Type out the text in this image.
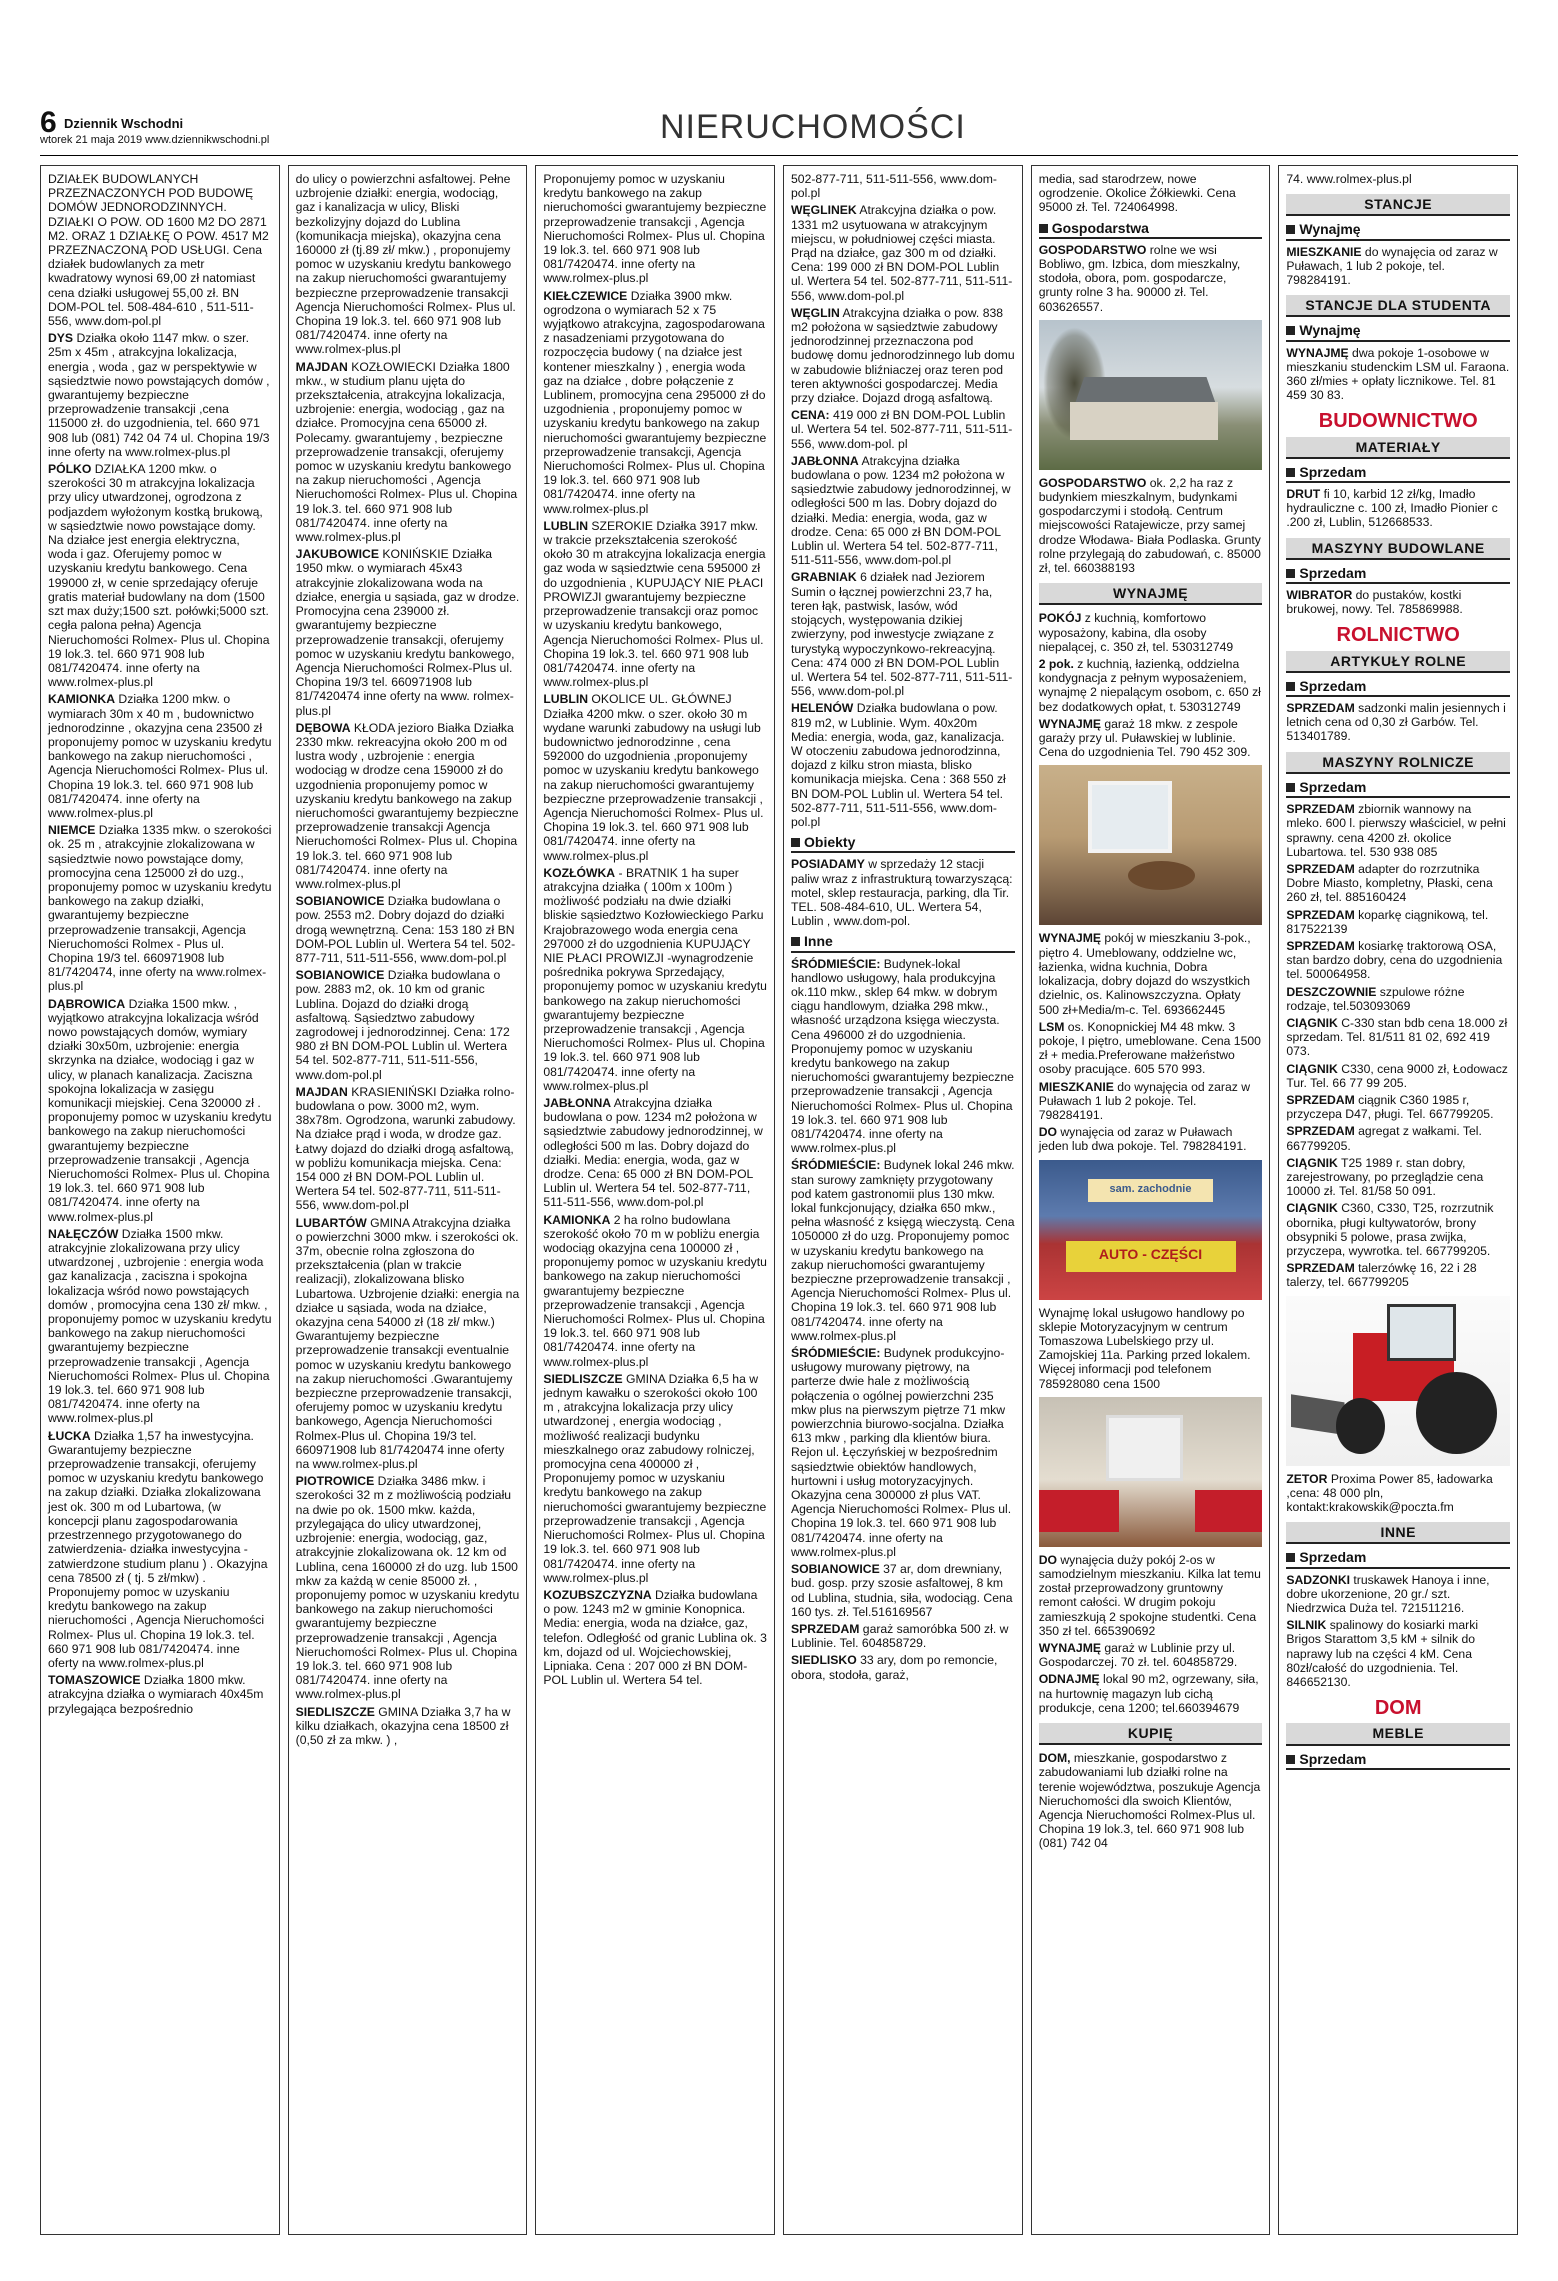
6 Dziennik Wschodni
wtorek 21 maja 2019 www.dziennikwschodni.pl	NIERUCHOMOŚCI

DZIAŁEK BUDOWLANYCH PRZEZNACZONYCH POD BUDOWĘ DOMÓW JEDNORODZINNYCH. DZIAŁKI O POW. OD 1600 M2 DO 2871 M2. ORAZ 1 DZIAŁKĘ O POW. 4517 M2 PRZEZNACZONĄ POD USŁUGI. Cena działek budowlanych za metr kwadratowy wynosi 69,00 zł natomiast cena działki usługowej 55,00 zł. BN DOM-POL tel. 508-484-610 , 511-511-556, www.dom-pol.pl

DYS Działka około 1147 mkw. o szer. 25m x 45m , atrakcyjna lokalizacja, energia , woda , gaz w perspektywie w sąsiedztwie nowo powstających domów , gwarantujemy bezpieczne przeprowadzenie transakcji ,cena 115000 zł. do uzgodnienia, tel. 660 971 908 lub (081) 742 04 74 ul. Chopina 19/3 inne oferty na www.rolmex-plus.pl

PÓLKO DZIAŁKA 1200 mkw. o szerokości 30 m atrakcyjna lokalizacja przy ulicy utwardzonej, ogrodzona z podjazdem wyłożonym kostką brukową, w sąsiedztwie nowo powstające domy. Na działce jest energia elektryczna, woda i gaz. Oferujemy pomoc w uzyskaniu kredytu bankowego. Cena 199000 zł, w cenie sprzedający oferuje gratis materiał budowlany na dom (1500 szt max duży;1500 szt. połówki;5000 szt. cegła palona pełna) Agencja Nieruchomości Rolmex- Plus ul. Chopina 19 lok.3. tel. 660 971 908 lub 081/7420474. inne oferty na www.rolmex-plus.pl

KAMIONKA Działka 1200 mkw. o wymiarach 30m x 40 m , budownictwo jednorodzinne , okazyjna cena 23500 zł proponujemy pomoc w uzyskaniu kredytu bankowego na zakup nieruchomości , Agencja Nieruchomości Rolmex- Plus ul. Chopina 19 lok.3. tel. 660 971 908 lub 081/7420474. inne oferty na www.rolmex-plus.pl

NIEMCE Działka 1335 mkw. o szerokości ok. 25 m , atrakcyjnie zlokalizowana w sąsiedztwie nowo powstające domy, promocyjna cena 125000 zł do uzg., proponujemy pomoc w uzyskaniu kredytu bankowego na zakup działki, gwarantujemy bezpieczne przeprowadzenie transakcji, Agencja Nieruchomości Rolmex - Plus ul. Chopina 19/3 tel. 660971908 lub 81/7420474, inne oferty na www.rolmex-plus.pl

DĄBROWICA Działka 1500 mkw. , wyjątkowo atrakcyjna lokalizacja wśród nowo powstających domów, wymiary działki 30x50m, uzbrojenie: energia skrzynka na działce, wodociąg i gaz w ulicy, w planach kanalizacja. Zaciszna spokojna lokalizacja w zasięgu komunikacji miejskiej. Cena 320000 zł . proponujemy pomoc w uzyskaniu kredytu bankowego na zakup nieruchomości gwarantujemy bezpieczne przeprowadzenie transakcji , Agencja Nieruchomości Rolmex- Plus ul. Chopina 19 lok.3. tel. 660 971 908 lub 081/7420474. inne oferty na www.rolmex-plus.pl

NAŁĘCZÓW Działka 1500 mkw. atrakcyjnie zlokalizowana przy ulicy utwardzonej , uzbrojenie : energia woda gaz kanalizacja , zaciszna i spokojna lokalizacja wśród nowo powstających domów , promocyjna cena 130 zł/ mkw. , proponujemy pomoc w uzyskaniu kredytu bankowego na zakup nieruchomości gwarantujemy bezpieczne przeprowadzenie transakcji , Agencja Nieruchomości Rolmex- Plus ul. Chopina 19 lok.3. tel. 660 971 908 lub 081/7420474. inne oferty na www.rolmex-plus.pl

ŁUCKA Działka 1,57 ha inwestycyjna. Gwarantujemy bezpieczne przeprowadzenie transakcji, oferujemy pomoc w uzyskaniu kredytu bankowego na zakup działki. Działka zlokalizowana jest ok. 300 m od Lubartowa, (w koncepcji planu zagospodarowania przestrzennego przygotowanego do zatwierdzenia- działka inwestycyjna - zatwierdzone studium planu ) . Okazyjna cena 78500 zł ( tj. 5 zł/mkw) . Proponujemy pomoc w uzyskaniu kredytu bankowego na zakup nieruchomości , Agencja Nieruchomości Rolmex- Plus ul. Chopina 19 lok.3. tel. 660 971 908 lub 081/7420474. inne oferty na www.rolmex-plus.pl

TOMASZOWICE Działka 1800 mkw. atrakcyjna działka o wymiarach 40x45m przylegająca bezpośrednio

do ulicy o powierzchni asfaltowej. Pełne uzbrojenie działki: energia, wodociąg, gaz i kanalizacja w ulicy, Bliski bezkolizyjny dojazd do Lublina (komunikacja miejska), okazyjna cena 160000 zł (tj.89 zł/ mkw.) , proponujemy pomoc w uzyskaniu kredytu bankowego na zakup nieruchomości gwarantujemy bezpieczne przeprowadzenie transakcji Agencja Nieruchomości Rolmex- Plus ul. Chopina 19 lok.3. tel. 660 971 908 lub 081/7420474. inne oferty na www.rolmex-plus.pl

MAJDAN KOZŁOWIECKI Działka 1800 mkw., w studium planu ujęta do przekształcenia, atrakcyjna lokalizacja, uzbrojenie: energia, wodociąg , gaz na działce. Promocyjna cena 65000 zł. Polecamy. gwarantujemy , bezpieczne przeprowadzenie transakcji, oferujemy pomoc w uzyskaniu kredytu bankowego na zakup nieruchomości , Agencja Nieruchomości Rolmex- Plus ul. Chopina 19 lok.3. tel. 660 971 908 lub 081/7420474. inne oferty na www.rolmex-plus.pl

JAKUBOWICE KONIŃSKIE Działka 1950 mkw. o wymiarach 45x43 atrakcyjnie zlokalizowana woda na działce, energia u sąsiada, gaz w drodze. Promocyjna cena 239000 zł. gwarantujemy bezpieczne przeprowadzenie transakcji, oferujemy pomoc w uzyskaniu kredytu bankowego, Agencja Nieruchomości Rolmex-Plus ul. Chopina 19/3 tel. 660971908 lub 81/7420474 inne oferty na www. rolmex-plus.pl

DĘBOWA KŁODA jezioro Białka Działka 2330 mkw. rekreacyjna około 200 m od lustra wody , uzbrojenie : energia wodociąg w drodze cena 159000 zł do uzgodnienia proponujemy pomoc w uzyskaniu kredytu bankowego na zakup nieruchomości gwarantujemy bezpieczne przeprowadzenie transakcji Agencja Nieruchomości Rolmex- Plus ul. Chopina 19 lok.3. tel. 660 971 908 lub 081/7420474. inne oferty na www.rolmex-plus.pl

SOBIANOWICE Działka budowlana o pow. 2553 m2. Dobry dojazd do działki drogą wewnętrzną. Cena: 153 180 zł BN DOM-POL Lublin ul. Wertera 54 tel. 502-877-711, 511-511-556, www.dom-pol.pl

SOBIANOWICE Działka budowlana o pow. 2883 m2, ok. 10 km od granic Lublina. Dojazd do działki drogą asfaltową. Sąsiedztwo zabudowy zagrodowej i jednorodzinnej. Cena: 172 980 zł BN DOM-POL Lublin ul. Wertera 54 tel. 502-877-711, 511-511-556, www.dom-pol.pl

MAJDAN KRASIENIŃSKI Działka rolno-budowlana o pow. 3000 m2, wym. 38x78m. Ogrodzona, warunki zabudowy. Na działce prąd i woda, w drodze gaz. Łatwy dojazd do działki drogą asfaltową, w pobliżu komunikacja miejska. Cena: 154 000 zł BN DOM-POL Lublin ul. Wertera 54 tel. 502-877-711, 511-511-556, www.dom-pol.pl

LUBARTÓW GMINA Atrakcyjna działka o powierzchni 3000 mkw. i szerokości ok. 37m, obecnie rolna zgłoszona do przekształcenia (plan w trakcie realizacji), zlokalizowana blisko Lubartowa. Uzbrojenie działki: energia na działce u sąsiada, woda na działce, okazyjna cena 54000 zł (18 zł/ mkw.) Gwarantujemy bezpieczne przeprowadzenie transakcji eventualnie pomoc w uzyskaniu kredytu bankowego na zakup nieruchomości .Gwarantujemy bezpieczne przeprowadzenie transakcji, oferujemy pomoc w uzyskaniu kredytu bankowego, Agencja Nieruchomości Rolmex-Plus ul. Chopina 19/3 tel. 660971908 lub 81/7420474 inne oferty na www.rolmex-plus.pl

PIOTROWICE Działka 3486 mkw. i szerokości 32 m z możliwością podziału na dwie po ok. 1500 mkw. każda, przylegająca do ulicy utwardzonej, uzbrojenie: energia, wodociąg, gaz, atrakcyjnie zlokalizowana ok. 12 km od Lublina, cena 160000 zł do uzg. lub 1500 mkw za każdą w cenie 85000 zł. , proponujemy pomoc w uzyskaniu kredytu bankowego na zakup nieruchomości gwarantujemy bezpieczne przeprowadzenie transakcji , Agencja Nieruchomości Rolmex- Plus ul. Chopina 19 lok.3. tel. 660 971 908 lub 081/7420474. inne oferty na www.rolmex-plus.pl

SIEDLISZCZE GMINA Działka 3,7 ha w kilku działkach, okazyjna cena 18500 zł (0,50 zł za mkw. ) ,

Proponujemy pomoc w uzyskaniu kredytu bankowego na zakup nieruchomości gwarantujemy bezpieczne przeprowadzenie transakcji , Agencja Nieruchomości Rolmex- Plus ul. Chopina 19 lok.3. tel. 660 971 908 lub 081/7420474. inne oferty na www.rolmex-plus.pl

KIEŁCZEWICE Działka 3900 mkw. ogrodzona o wymiarach 52 x 75 wyjątkowo atrakcyjna, zagospodarowana z nasadzeniami przygotowana do rozpoczęcia budowy ( na działce jest kontener mieszkalny ) , energia woda gaz na działce , dobre połączenie z Lublinem, promocyjna cena 295000 zł do uzgodnienia , proponujemy pomoc w uzyskaniu kredytu bankowego na zakup nieruchomości gwarantujemy bezpieczne przeprowadzenie transakcji, Agencja Nieruchomości Rolmex- Plus ul. Chopina 19 lok.3. tel. 660 971 908 lub 081/7420474. inne oferty na www.rolmex-plus.pl

LUBLIN SZEROKIE Działka 3917 mkw. w trakcie przekształcenia szerokość około 30 m atrakcyjna lokalizacja energia gaz woda w sąsiedztwie cena 595000 zł do uzgodnienia , KUPUJĄCY NIE PŁACI PROWIZJI gwarantujemy bezpieczne przeprowadzenie transakcji oraz pomoc w uzyskaniu kredytu bankowego, Agencja Nieruchomości Rolmex- Plus ul. Chopina 19 lok.3. tel. 660 971 908 lub 081/7420474. inne oferty na www.rolmex-plus.pl

LUBLIN OKOLICE UL. GŁÓWNEJ Działka 4200 mkw. o szer. około 30 m wydane warunki zabudowy na usługi lub budownictwo jednorodzinne , cena 592000 do uzgodnienia ,proponujemy pomoc w uzyskaniu kredytu bankowego na zakup nieruchomości gwarantujemy bezpieczne przeprowadzenie transakcji , Agencja Nieruchomości Rolmex- Plus ul. Chopina 19 lok.3. tel. 660 971 908 lub 081/7420474. inne oferty na www.rolmex-plus.pl

KOZŁÓWKA - BRATNIK 1 ha super atrakcyjna działka ( 100m x 100m ) możliwość podziału na dwie działki bliskie sąsiedztwo Kozłowieckiego Parku Krajobrazowego woda energia cena 297000 zł do uzgodnienia KUPUJĄCY NIE PŁACI PROWIZJI -wynagrodzenie pośrednika pokrywa Sprzedający, proponujemy pomoc w uzyskaniu kredytu bankowego na zakup nieruchomości gwarantujemy bezpieczne przeprowadzenie transakcji , Agencja Nieruchomości Rolmex- Plus ul. Chopina 19 lok.3. tel. 660 971 908 lub 081/7420474. inne oferty na www.rolmex-plus.pl

JABŁONNA Atrakcyjna działka budowlana o pow. 1234 m2 położona w sąsiedztwie zabudowy jednorodzinnej, w odległości 500 m las. Dobry dojazd do działki. Media: energia, woda, gaz w drodze. Cena: 65 000 zł BN DOM-POL Lublin ul. Wertera 54 tel. 502-877-711, 511-511-556, www.dom-pol.pl

KAMIONKA 2 ha rolno budowlana szerokość około 70 m w pobliżu energia wodociąg okazyjna cena 100000 zł , proponujemy pomoc w uzyskaniu kredytu bankowego na zakup nieruchomości gwarantujemy bezpieczne przeprowadzenie transakcji , Agencja Nieruchomości Rolmex- Plus ul. Chopina 19 lok.3. tel. 660 971 908 lub 081/7420474. inne oferty na www.rolmex-plus.pl

SIEDLISZCZE GMINA Działka 6,5 ha w jednym kawałku o szerokości około 100 m , atrakcyjna lokalizacja przy ulicy utwardzonej , energia wodociąg , możliwość realizacji budynku mieszkalnego oraz zabudowy rolniczej, promocyjna cena 400000 zł , Proponujemy pomoc w uzyskaniu kredytu bankowego na zakup nieruchomości gwarantujemy bezpieczne przeprowadzenie transakcji , Agencja Nieruchomości Rolmex- Plus ul. Chopina 19 lok.3. tel. 660 971 908 lub 081/7420474. inne oferty na www.rolmex-plus.pl

KOZUBSZCZYZNA Działka budowlana o pow. 1243 m2 w gminie Konopnica. Media: energia, woda na działce, gaz, telefon. Odległość od granic Lublina ok. 3 km, dojazd od ul. Wojciechowskiej, Lipniaka. Cena : 207 000 zł BN DOM-POL Lublin ul. Wertera 54 tel.

502-877-711, 511-511-556, www.dom-pol.pl

WĘGLINEK Atrakcyjna działka o pow. 1331 m2 usytuowana w atrakcyjnym miejscu, w południowej części miasta. Prąd na działce, gaz 300 m od działki. Cena: 199 000 zł BN DOM-POL Lublin ul. Wertera 54 tel. 502-877-711, 511-511-556, www.dom-pol.pl

WĘGLIN Atrakcyjna działka o pow. 838 m2 położona w sąsiedztwie zabudowy jednorodzinnej przeznaczona pod budowę domu jednorodzinnego lub domu w zabudowie bliźniaczej oraz teren pod teren aktywności gospodarczej. Media przy działce. Dojazd drogą asfaltową.

CENA: 419 000 zł BN DOM-POL Lublin ul. Wertera 54 tel. 502-877-711, 511-511-556, www.dom-pol. pl

JABŁONNA Atrakcyjna działka budowlana o pow. 1234 m2 położona w sąsiedztwie zabudowy jednorodzinnej, w odległości 500 m las. Dobry dojazd do działki. Media: energia, woda, gaz w drodze. Cena: 65 000 zł BN DOM-POL Lublin ul. Wertera 54 tel. 502-877-711, 511-511-556, www.dom-pol.pl

GRABNIAK 6 działek nad Jeziorem Sumin o łącznej powierzchni 23,7 ha, teren łąk, pastwisk, lasów, wód stojących, występowania dzikiej zwierzyny, pod inwestycje związane z turystyką wypoczynkowo-rekreacyjną. Cena: 474 000 zł BN DOM-POL Lublin ul. Wertera 54 tel. 502-877-711, 511-511-556, www.dom-pol.pl

HELENÓW Działka budowlana o pow. 819 m2, w Lublinie. Wym. 40x20m Media: energia, woda, gaz, kanalizacja. W otoczeniu zabudowa jednorodzinna, dojazd z kilku stron miasta, blisko komunikacja miejska. Cena : 368 550 zł BN DOM-POL Lublin ul. Wertera 54 tel. 502-877-711, 511-511-556, www.dom-pol.pl

Obiekty

POSIADAMY w sprzedaży 12 stacji paliw wraz z infrastrukturą towarzyszącą: motel, sklep restauracja, parking, dla Tir. TEL. 508-484-610, UL. Wertera 54, Lublin , www.dom-pol.

Inne

ŚRÓDMIEŚCIE: Budynek-lokal handlowo usługowy, hala produkcyjna ok.110 mkw., sklep 64 mkw. w dobrym ciągu handlowym, działka 298 mkw., własność urządzona księga wieczysta. Cena 496000 zł do uzgodnienia. Proponujemy pomoc w uzyskaniu kredytu bankowego na zakup nieruchomości gwarantujemy bezpieczne przeprowadzenie transakcji , Agencja Nieruchomości Rolmex- Plus ul. Chopina 19 lok.3. tel. 660 971 908 lub 081/7420474. inne oferty na www.rolmex-plus.pl

ŚRÓDMIEŚCIE: Budynek lokal 246 mkw. stan surowy zamknięty przygotowany pod katem gastronomii plus 130 mkw. lokal funkcjonujący, działka 650 mkw., pełna własność z księgą wieczystą. Cena 1050000 zł do uzg. Proponujemy pomoc w uzyskaniu kredytu bankowego na zakup nieruchomości gwarantujemy bezpieczne przeprowadzenie transakcji , Agencja Nieruchomości Rolmex- Plus ul. Chopina 19 lok.3. tel. 660 971 908 lub 081/7420474. inne oferty na www.rolmex-plus.pl

ŚRÓDMIEŚCIE: Budynek produkcyjno-usługowy murowany piętrowy, na parterze dwie hale z możliwością połączenia o ogólnej powierzchni 235 mkw plus na pierwszym piętrze 71 mkw powierzchnia biurowo-socjalna. Działka 613 mkw , parking dla klientów biura. Rejon ul. Łęczyńskiej w bezpośrednim sąsiedztwie obiektów handlowych, hurtowni i usług motoryzacyjnych. Okazyjna cena 300000 zł plus VAT. Agencja Nieruchomości Rolmex- Plus ul. Chopina 19 lok.3. tel. 660 971 908 lub 081/7420474. inne oferty na www.rolmex-plus.pl

SOBIANOWICE 37 ar, dom drewniany, bud. gosp. przy szosie asfaltowej, 8 km od Lublina, studnia, siła, wodociąg. Cena 160 tys. zł. Tel.516169567

SPRZEDAM garaż samoróbka 500 zł. w Lublinie. Tel. 604858729.

SIEDLISKO 33 ary, dom po remoncie, obora, stodoła, garaż,

media, sad starodrzew, nowe ogrodzenie. Okolice Żółkiewki. Cena 95000 zł. Tel. 724064998.

Gospodarstwa

GOSPODARSTWO rolne we wsi Bobliwo, gm. Izbica, dom mieszkalny, stodoła, obora, pom. gospodarcze, grunty rolne 3 ha. 90000 zł. Tel. 603626557.

GOSPODARSTWO ok. 2,2 ha raz z budynkiem mieszkalnym, budynkami gospodarczymi i stodołą. Centrum miejscowości Ratajewicze, przy samej drodze Włodawa- Biała Podlaska. Grunty rolne przylegają do zabudowań, c. 85000 zł, tel. 660388193

WYNAJMĘ

POKÓJ z kuchnią, komfortowo wyposażony, kabina, dla osoby niepalącej, c. 350 zł, tel. 530312749

2 pok. z kuchnią, łazienką, oddzielna kondygnacja z pełnym wyposażeniem, wynajmę 2 niepalącym osobom, c. 650 zł bez dodatkowych opłat, t. 530312749

WYNAJMĘ garaż 18 mkw. z zespole garaży przy ul. Puławskiej w lublinie. Cena do uzgodnienia Tel. 790 452 309.

WYNAJMĘ pokój w mieszkaniu 3-pok., piętro 4. Umeblowany, oddzielne wc, łazienka, widna kuchnia, Dobra lokalizacja, dobry dojazd do wszystkich dzielnic, os. Kalinowszczyzna. Opłaty 500 zł+Media/m-c. Tel. 693662445

LSM os. Konopnickiej M4 48 mkw. 3 pokoje, I piętro, umeblowane. Cena 1500 zł + media.Preferowane małżeństwo osoby pracujące. 605 570 993.

MIESZKANIE do wynajęcia od zaraz w Puławach 1 lub 2 pokoje. Tel. 798284191.

DO wynajęcia od zaraz w Puławach jeden lub dwa pokoje. Tel. 798284191.

sam. zachodnie
AUTO - CZĘŚCI

Wynajmę lokal usługowo handlowy po sklepie Motoryzacyjnym w centrum Tomaszowa Lubelskiego przy ul. Zamojskiej 11a. Parking przed lokalem. Więcej informacji pod telefonem 785928080 cena 1500

DO wynajęcia duży pokój 2-os w samodzielnym mieszkaniu. Kilka lat temu został przeprowadzony gruntowny remont całości. W drugim pokoju zamieszkują 2 spokojne studentki. Cena 350 zł tel. 665390692

WYNAJMĘ garaż w Lublinie przy ul. Gospodarczej. 70 zł. tel. 604858729.

ODNAJMĘ lokal 90 m2, ogrzewany, siła, na hurtownię magazyn lub cichą produkcje, cena 1200; tel.660394679

KUPIĘ

DOM, mieszkanie, gospodarstwo z zabudowaniami lub działki rolne na terenie województwa, poszukuje Agencja Nieruchomości dla swoich Klientów, Agencja Nieruchomości Rolmex-Plus ul. Chopina 19 lok.3, tel. 660 971 908 lub (081) 742 04

74. www.rolmex-plus.pl

STANCJE
Wynajmę

MIESZKANIE do wynajęcia od zaraz w Puławach, 1 lub 2 pokoje, tel. 798284191.

STANCJE DLA STUDENTA
Wynajmę

WYNAJMĘ dwa pokoje 1-osobowe w mieszkaniu studenckim LSM ul. Faraona. 360 zł/mies + opłaty licznikowe. Tel. 81 459 30 83.

BUDOWNICTWO
MATERIAŁY
Sprzedam

DRUT fi 10, karbid 12 zł/kg, Imadło hydrauliczne c. 100 zł, Imadło Pionier c .200 zł, Lublin, 512668533.

MASZYNY BUDOWLANE
Sprzedam

WIBRATOR do pustaków, kostki brukowej, nowy. Tel. 785869988.

ROLNICTWO
ARTYKUŁY ROLNE
Sprzedam

SPRZEDAM sadzonki malin jesiennych i letnich cena od 0,30 zł Garbów. Tel. 513401789.

MASZYNY ROLNICZE
Sprzedam

SPRZEDAM zbiornik wannowy na mleko. 600 l. pierwszy właściciel, w pełni sprawny. cena 4200 zł. okolice Lubartowa. tel. 530 938 085

SPRZEDAM adapter do rozrzutnika Dobre Miasto, kompletny, Płaski, cena 260 zł, tel. 885160424

SPRZEDAM koparkę ciągnikową, tel. 817522139

SPRZEDAM kosiarkę traktorową OSA, stan bardzo dobry, cena do uzgodnienia tel. 500064958.

DESZCZOWNIE szpulowe różne rodzaje, tel.503093069

CIĄGNIK C-330 stan bdb cena 18.000 zł sprzedam. Tel. 81/511 81 02, 692 419 073.

CIĄGNIK C330, cena 9000 zł, Łodowacz Tur. Tel. 66 77 99 205.

SPRZEDAM ciągnik C360 1985 r, przyczepa D47, pługi. Tel. 667799205.

SPRZEDAM agregat z wałkami. Tel. 667799205.

CIĄGNIK T25 1989 r. stan dobry, zarejestrowany, po przeglądzie cena 10000 zł. Tel. 81/58 50 091.

CIĄGNIK C360, C330, T25, rozrzutnik obornika, pługi kultywatorów, brony obsypniki 5 polowe, prasa zwijka, przyczepa, wywrotka. tel. 667799205.

SPRZEDAM talerzówkę 16, 22 i 28 talerzy, tel. 667799205

ZETOR Proxima Power 85, ładowarka ,cena: 48 000 pln, kontakt:krakowskik@poczta.fm

INNE
Sprzedam

SADZONKI truskawek Hanoya i inne, dobre ukorzenione, 20 gr./ szt. Niedrzwica Duża tel. 721511216.

SILNIK spalinowy do kosiarki marki Brigos Starattom 3,5 kM + silnik do naprawy lub na części 4 kM. Cena 80zł/całość do uzgodnienia. Tel. 846652130.

DOM
MEBLE
Sprzedam
